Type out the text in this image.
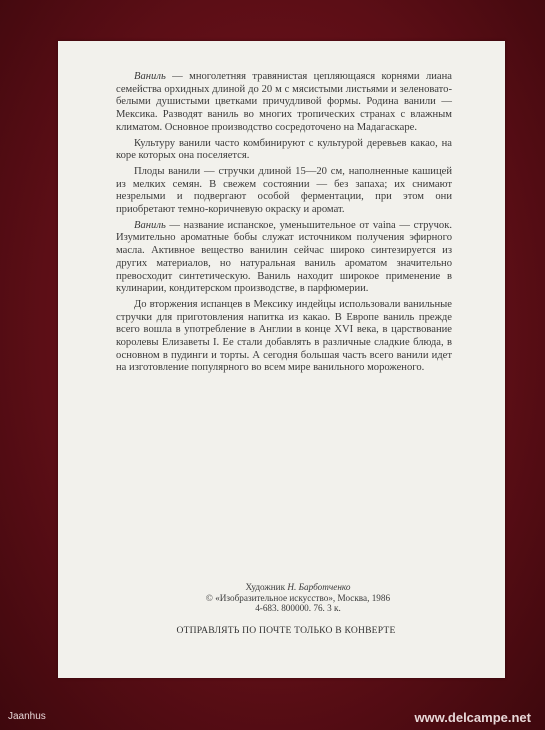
Ваниль — многолетняя травянистая цепляющаяся корнями лиана семейства орхидных длиной до 20 м с мясистыми листьями и зеленовато-белыми душистыми цветками причудливой формы. Родина ванили — Мексика. Разводят ваниль во многих тропических странах с влажным климатом. Основное производство сосредоточено на Мадагаскаре.

Культуру ванили часто комбинируют с культурой деревьев какао, на коре которых она поселяется.

Плоды ванили — стручки длиной 15—20 см, наполненные кашицей из мелких семян. В свежем состоянии — без запаха; их снимают незрелыми и подвергают особой ферментации, при этом они приобретают темно-коричневую окраску и аромат.

Ваниль — название испанское, уменьшительное от vaina — стручок. Изумительно ароматные бобы служат источником получения эфирного масла. Активное вещество ванилин сейчас широко синтезируется из других материалов, но натуральная ваниль ароматом значительно превосходит синтетическую. Ваниль находит широкое применение в кулинарии, кондитерском производстве, в парфюмерии.

До вторжения испанцев в Мексику индейцы использовали ванильные стручки для приготовления напитка из какао. В Европе ваниль прежде всего вошла в употребление в Англии в конце XVI века, в царствование королевы Елизаветы I. Ее стали добавлять в различные сладкие блюда, в основном в пудинги и торты. А сегодня большая часть всего ванили идет на изготовление популярного во всем мире ванильного мороженого.

Художник Н. Барботченко
© «Изобразительное искусство», Москва, 1986
4-683. 800000. 76. 3 к.
ОТПРАВЛЯТЬ ПО ПОЧТЕ ТОЛЬКО В КОНВЕРТЕ
Jaanhus	www.delcampe.net
